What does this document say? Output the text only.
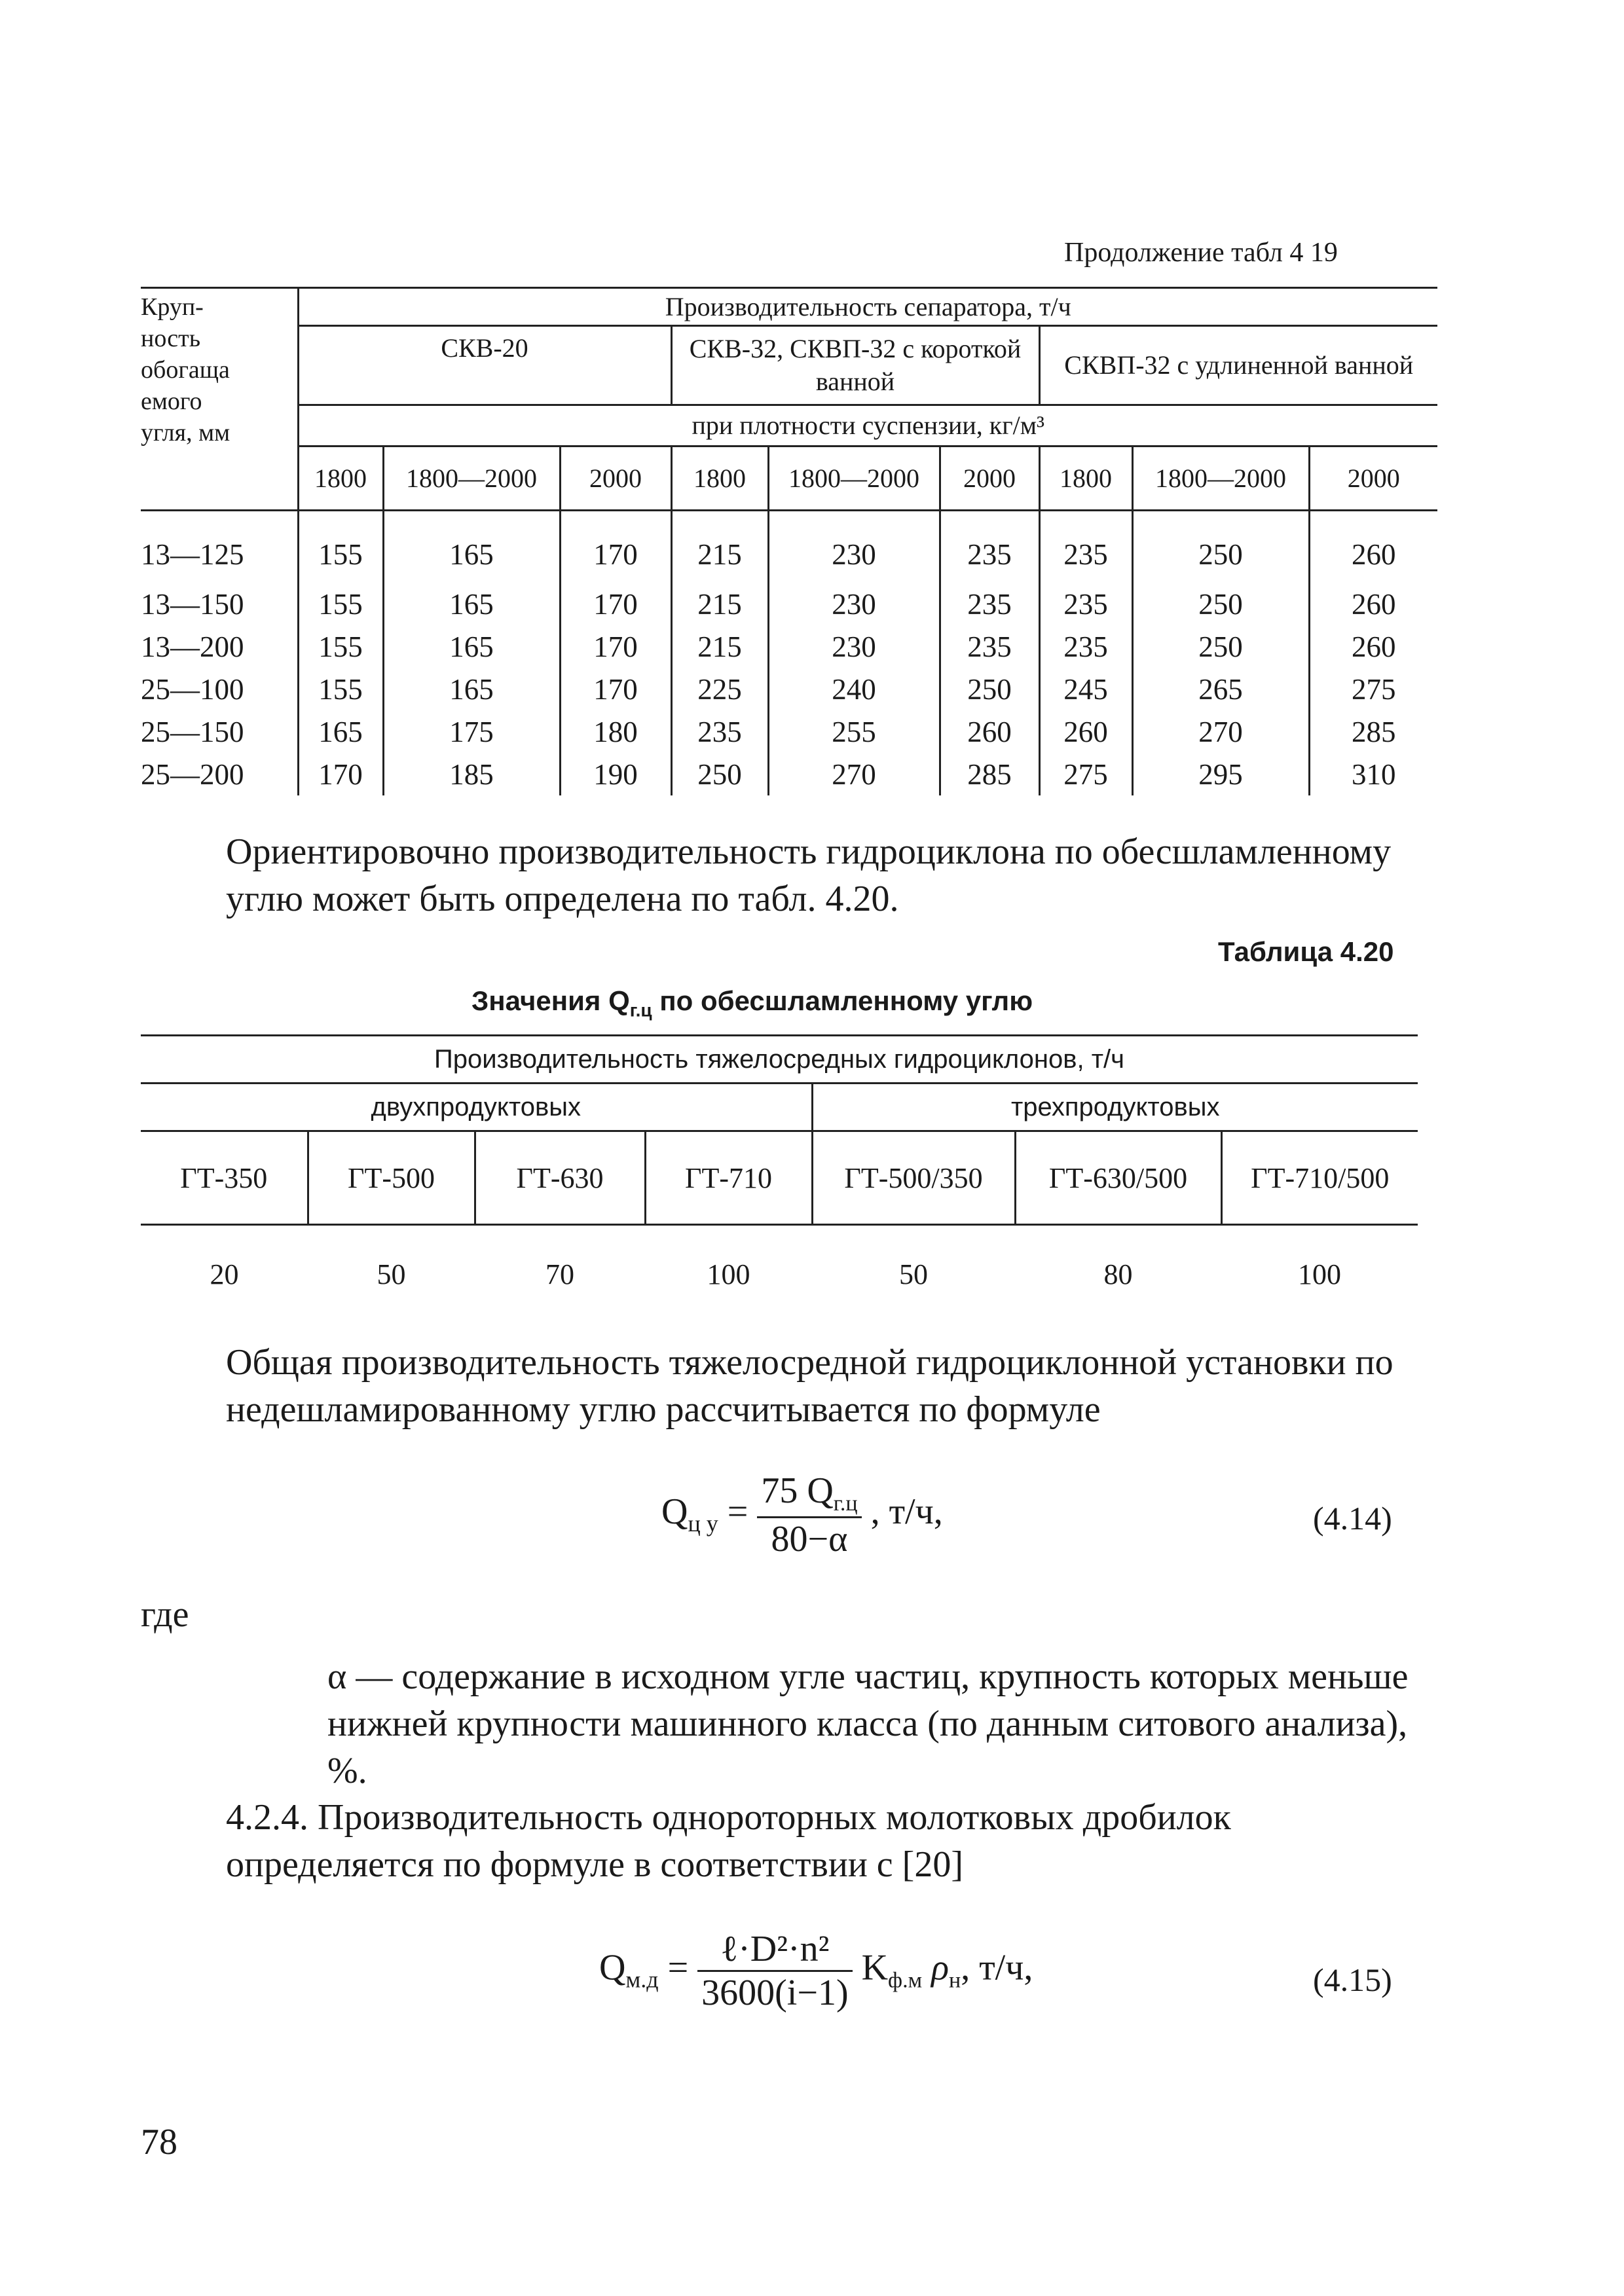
Продолжение табл 4 19
Круп-
ность
обогаща
емого
угля, мм	Производительность сепаратора, т/ч								
	СКВ-20			СКВ-32, СКВП-32 с короткой ванной			СКВП-32 с удлиненной ванной		
	при плотности суспензии, кг/м³								
	1800	1800—2000	2000	1800	1800—2000	2000	1800	1800—2000	2000
13—125	155	165	170	215	230	235	235	250	260
13—150	155	165	170	215	230	235	235	250	260
13—200	155	165	170	215	230	235	235	250	260
25—100	155	165	170	225	240	250	245	265	275
25—150	165	175	180	235	255	260	260	270	285
25—200	170	185	190	250	270	285	275	295	310
Ориентировочно производительность гидроциклона по обесшламленному углю может быть определена по табл. 4.20.
Таблица 4.20
Значения $Q_{г.ц}$ по обесшламленному углю
Производительность тяжелосредных гидроциклонов, т/ч						
двухпродуктовых				трехпродуктовых		
ГТ-350	ГТ-500	ГТ-630	ГТ-710	ГТ-500/350	ГТ-630/500	ГТ-710/500
20	50	70	100	50	80	100
Общая производительность тяжелосредной гидроциклонной установки по недешламированному углю рассчитывается по формуле
$Q_{ц у} = \frac{75 Q_{г.ц}}{80-\alpha}$ , т/ч,	(4.14)
где
α — содержание в исходном угле частиц, крупность которых меньше нижней крупности машинного класса (по данным ситового анализа), %.
4.2.4. Производительность однороторных молотковых дробилок определяется по формуле в соответствии с [20]
$Q_{м.д} = \frac{\text{ℓ·D²·n²}}{3600(i-1)} K_{ф.м}$ $\rho_н$, т/ч,	(4.15)
78
